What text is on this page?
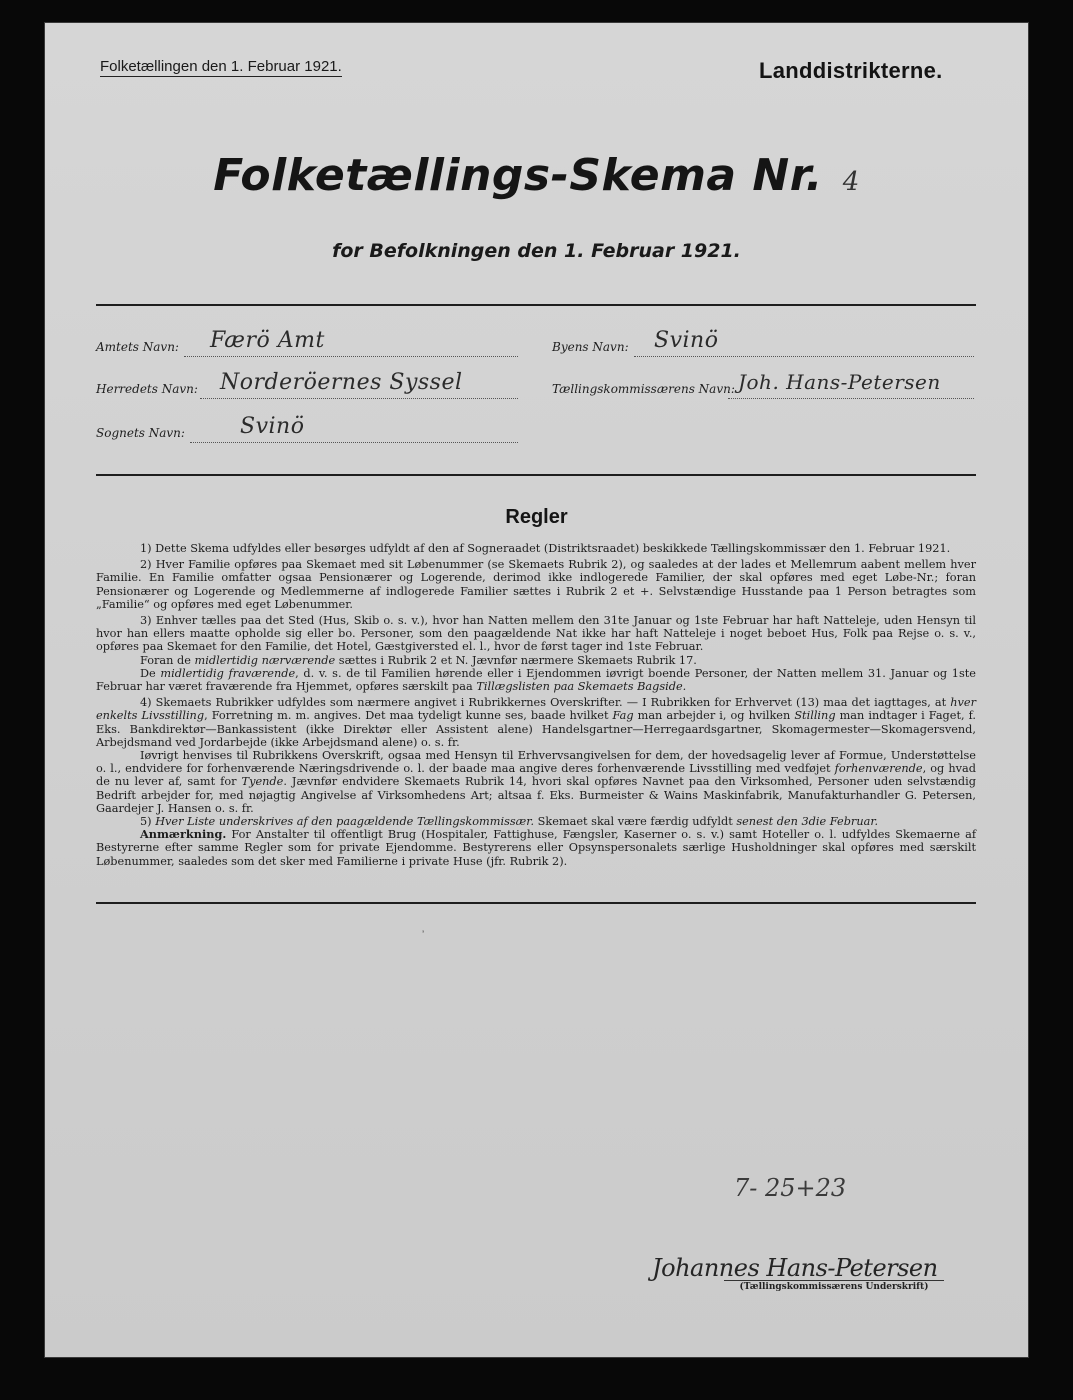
Folketællingen den 1. Februar 1921.	Landdistrikterne.
Folketællings-Skema Nr. 4
for Befolkningen den 1. Februar 1921.
Amtets Navn: Færö Amt
Herredets Navn: Norderöernes Syssel
Sognets Navn:	Svinö
Byens Navn: Svinö
Tællingskommissærens Navn: Joh. Hans-Petersen
Regler

1) Dette Skema udfyldes eller besørges udfyldt af den af Sogneraadet (Distriktsraadet) beskikkede Tællingskommissær den 1. Februar 1921.

2) Hver Familie opføres paa Skemaet med sit Løbenummer (se Skemaets Rubrik 2), og saaledes at der lades et Mellemrum aabent mellem hver Familie. En Familie omfatter ogsaa Pensionærer og Logerende, derimod ikke indlogerede Familier, der skal opføres med eget Løbe-Nr.; foran Pensionærer og Logerende og Medlemmerne af indlogerede Familier sættes i Rubrik 2 et +. Selvstændige Husstande paa 1 Person betragtes som „Familie“ og opføres med eget Løbenummer.

3) Enhver tælles paa det Sted (Hus, Skib o. s. v.), hvor han Natten mellem den 31te Januar og 1ste Februar har haft Natteleje, uden Hensyn til hvor han ellers maatte opholde sig eller bo. Personer, som den paagældende Nat ikke har haft Natteleje i noget beboet Hus, Folk paa Rejse o. s. v., opføres paa Skemaet for den Familie, det Hotel, Gæstgiversted el. l., hvor de først tager ind 1ste Februar.

Foran de midlertidig nærværende sættes i Rubrik 2 et N. Jævnfør nærmere Skemaets Rubrik 17.

De midlertidig fraværende, d. v. s. de til Familien hørende eller i Ejendommen iøvrigt boende Personer, der Natten mellem 31. Januar og 1ste Februar har været fraværende fra Hjemmet, opføres særskilt paa Tillægslisten paa Skemaets Bagside.

4) Skemaets Rubrikker udfyldes som nærmere angivet i Rubrikkernes Overskrifter. — I Rubrikken for Erhvervet (13) maa det iagttages, at hver enkelts Livsstilling, Forretning m. m. angives. Det maa tydeligt kunne ses, baade hvilket Fag man arbejder i, og hvilken Stilling man indtager i Faget, f. Eks. Bankdirektør—Bankassistent (ikke Direktør eller Assistent alene) Handelsgartner—Herregaardsgartner, Skomagermester—Skomagersvend, Arbejdsmand ved Jordarbejde (ikke Arbejdsmand alene) o. s. fr.

Iøvrigt henvises til Rubrikkens Overskrift, ogsaa med Hensyn til Erhvervsangivelsen for dem, der hovedsagelig lever af Formue, Understøttelse o. l., endvidere for forhenværende Næringsdrivende o. l. der baade maa angive deres forhenværende Livsstilling med vedføjet forhenværende, og hvad de nu lever af, samt for Tyende. Jævnfør endvidere Skemaets Rubrik 14, hvori skal opføres Navnet paa den Virksomhed, Personer uden selvstændig Bedrift arbejder for, med nøjagtig Angivelse af Virksomhedens Art; altsaa f. Eks. Burmeister & Wains Maskinfabrik, Manufakturhandler G. Petersen, Gaardejer J. Hansen o. s. fr.

5) Hver Liste underskrives af den paagældende Tællingskommissær. Skemaet skal være færdig udfyldt senest den 3die Februar.

Anmærkning. For Anstalter til offentligt Brug (Hospitaler, Fattighuse, Fængsler, Kaserner o. s. v.) samt Hoteller o. l. udfyldes Skemaerne af Bestyrerne efter samme Regler som for private Ejendomme. Bestyrerens eller Opsynspersonalets særlige Husholdninger skal opføres med særskilt Løbenummer, saaledes som det sker med Familierne i private Huse (jfr. Rubrik 2).

ʼ
7- 25+23
Johannes Hans-Petersen
(Tællingskommissærens Underskrift)
